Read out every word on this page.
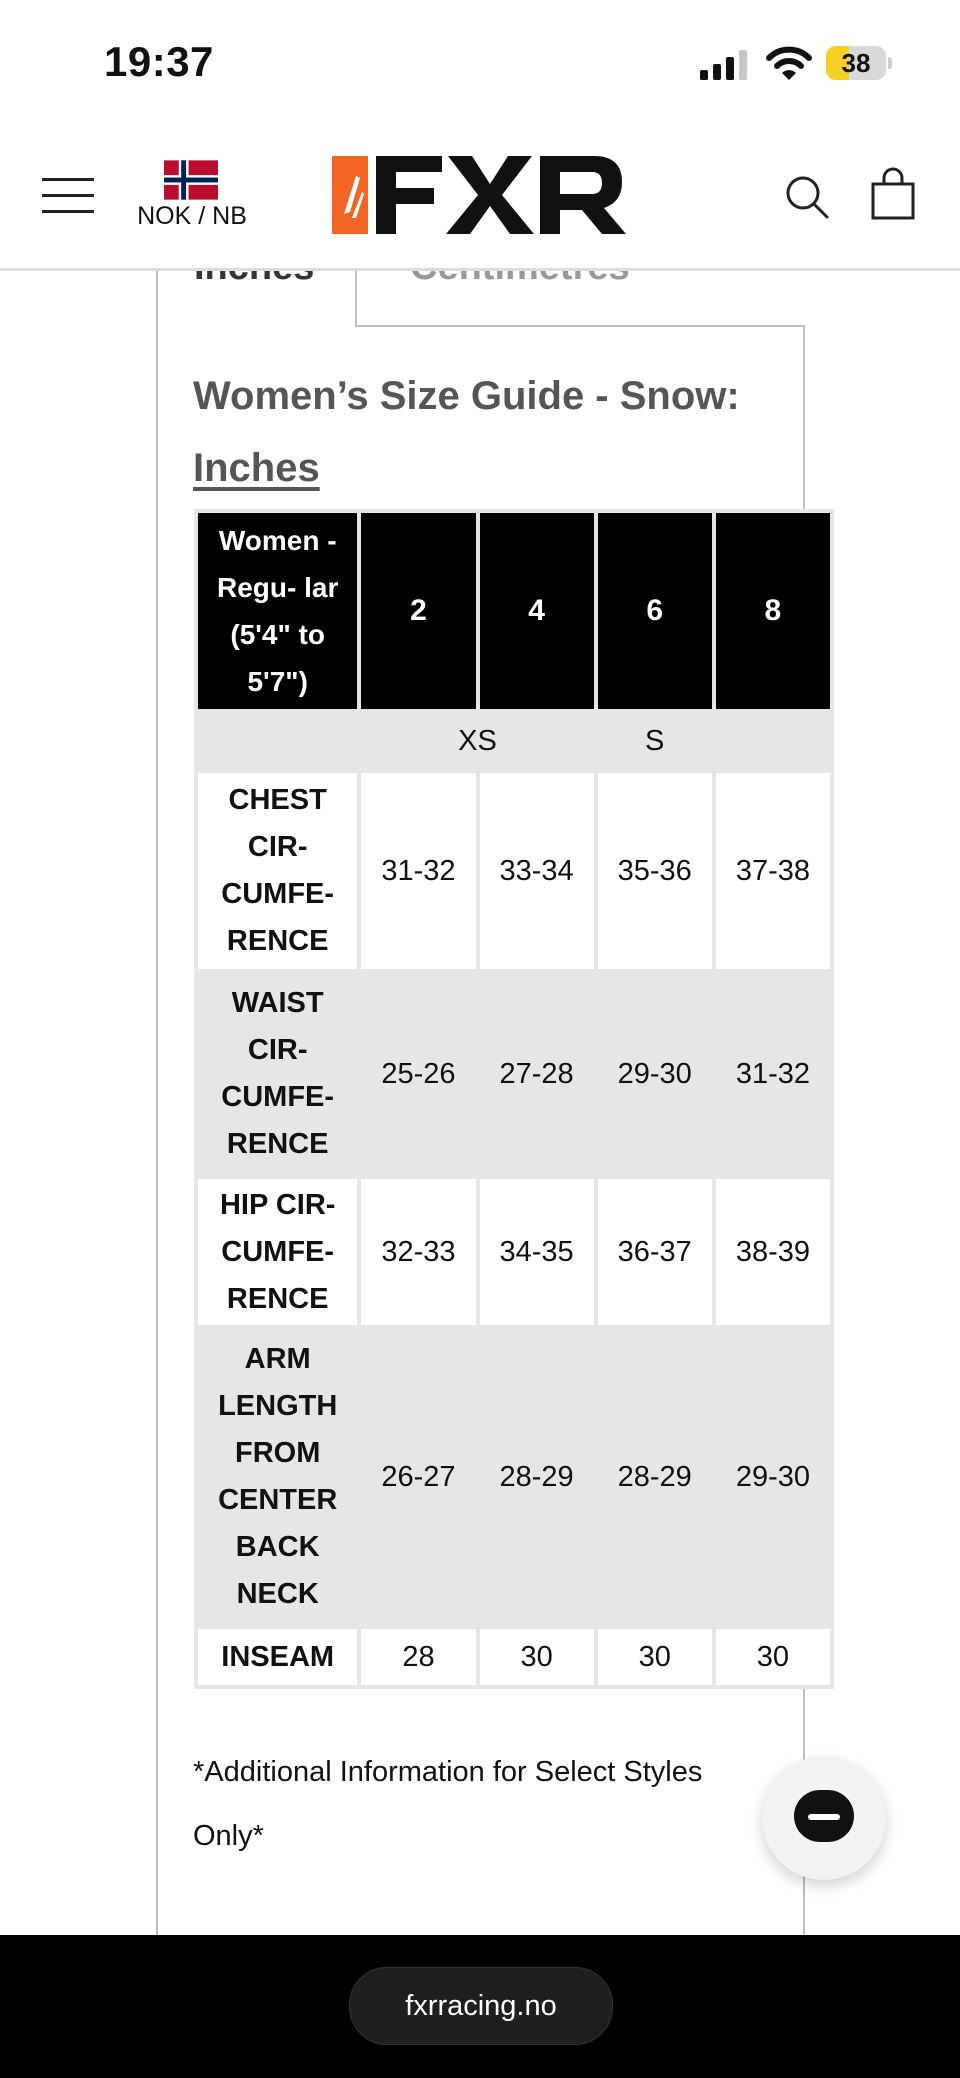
19:37	38
NOK / NB
Women’s Size Guide - Snow:
Inches
Women - Regu- lar (5'4" to 5'7")	2	4	6	8
	XS		S	
CHEST CIR- CUMFE- RENCE	31-32	33-34	35-36	37-38
WAIST CIR- CUMFE- RENCE	25-26	27-28	29-30	31-32
HIP CIR- CUMFE- RENCE	32-33	34-35	36-37	38-39
ARM LENGTH FROM CENTER BACK NECK	26-27	28-29	28-29	29-30
INSEAM	28	30	30	30
*Additional Information for Select Styles Only*
fxrracing.no
